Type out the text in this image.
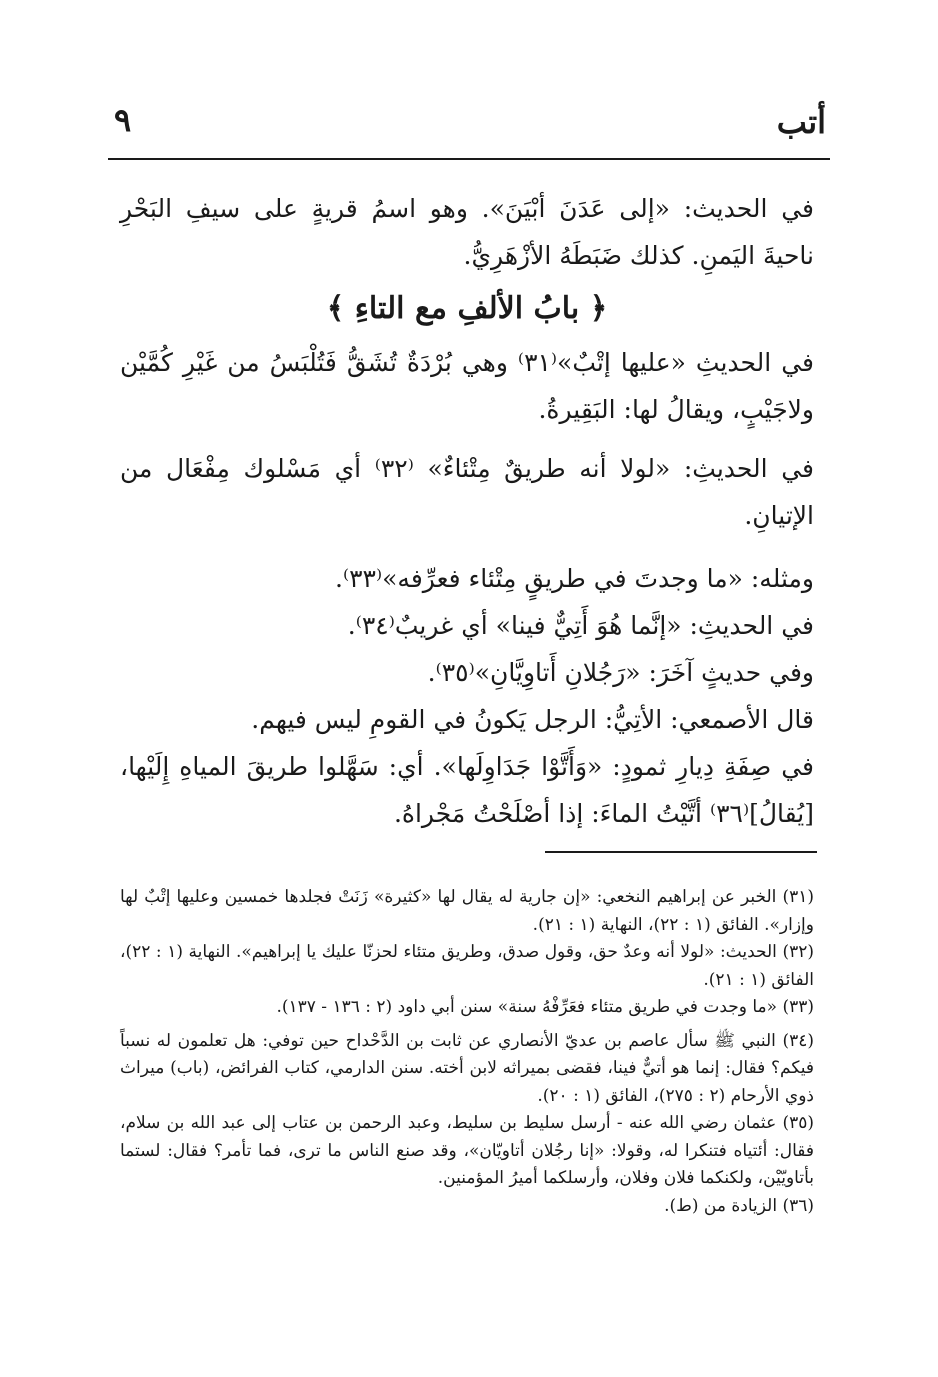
أتب
٩

في الحديث: «إلى عَدَنَ أبْيَنَ». وهو اسمُ قريةٍ على سيفِ البَحْرِ ناحيةَ اليَمنِ. كذلك ضَبَطَهُ الأزْهَرِيُّ.

﴿ بابُ الألفِ مع التاءِ ﴾

في الحديثِ «عليها إتْبٌ»⁽٣١⁾ وهي بُرْدَةٌ تُشَقُّ فَتُلْبَسُ من غَيْرِ كُمَّيْن ولاجَيْبٍ، ويقالُ لها: البَقِيرةُ.

في الحديثِ: «لولا أنه طريقٌ مِتْئاءٌ» ⁽٣٢⁾ أي مَسْلوك مِفْعَال من الإتيانِ.

ومثله: «ما وجدتَ في طريقٍ مِتْئاء فعرِّفه»⁽٣٣⁾.

في الحديثِ: «إنَّما هُوَ أَتِيٌّ فينا» أي غريبٌ⁽٣٤⁾.

وفي حديثٍ آخَرَ: «رَجُلانِ أَتاوِيَّانِ»⁽٣٥⁾.

قال الأصمعي: الأتِيُّ: الرجل يَكونُ في القومِ ليس فيهم.

في صِفَةِ دِيارِ ثمودٍ: «وَأَتَّوْا جَدَاوِلَها». أي: سَهَّلوا طريقَ المياهِ إِلَيْها، [يُقالُ]⁽٣٦⁾ أتَّيْتُ الماءَ: إذا أصْلَحْتُ مَجْراهُ.

(٣١) الخبر عن إبراهيم النخعي: «إن جارية له يقال لها «كثيرة» زَنَتْ فجلدها خمسين وعليها إتْبٌ لها وإزار». الفائق (١ : ٢٢)، النهاية (١ : ٢١).

(٣٢) الحديث: «لولا أنه وعدٌ حق، وقول صدق، وطريق متئاء لحزنّا عليك يا إبراهيم». النهاية (١ : ٢٢)، الفائق (١ : ٢١).

(٣٣) «ما وجدت في طريق متئاء فعَرِّفْهُ سنة» سنن أبي داود (٢ : ١٣٦ - ١٣٧).

(٣٤) النبي ﷺ سأل عاصم بن عديّ الأنصاري عن ثابت بن الدَّحْداح حين توفي: هل تعلمون له نسباً فيكم؟ فقال: إنما هو أتيٌّ فينا، فقضى بميراثه لابن أخته. سنن الدارمي، كتاب الفرائض، (باب) ميراث ذوي الأرحام (٢ : ٢٧٥)، الفائق (١ : ٢٠).

(٣٥) عثمان رضي الله عنه - أرسل سليط بن سليط، وعبد الرحمن بن عتاب إلى عبد الله بن سلام، فقال: أئتياه فتنكرا له، وقولا: «إنا رجُلان أتاويّان»، وقد صنع الناس ما ترى، فما تأمر؟ فقال: لستما بأتاويّيْن، ولكنكما فلان وفلان، وأرسلكما أميرُ المؤمنين.

(٣٦) الزيادة من (ط).
